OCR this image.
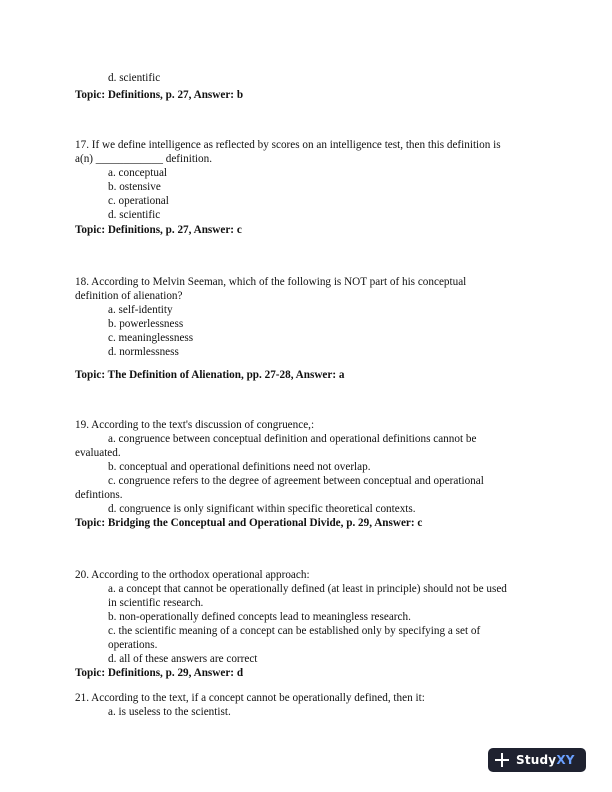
d. scientific
Topic: Definitions, p. 27, Answer: b
17. If we define intelligence as reflected by scores on an intelligence test, then this definition is
a(n) ____________ definition.
a. conceptual
b. ostensive
c. operational
d. scientific
Topic: Definitions, p. 27, Answer: c
18. According to Melvin Seeman, which of the following is NOT part of his conceptual
definition of alienation?
a. self-identity
b. powerlessness
c. meaninglessness
d. normlessness
Topic: The Definition of Alienation, pp. 27-28, Answer: a
19. According to the text's discussion of congruence,:
a. congruence between conceptual definition and operational definitions cannot be
evaluated.
b. conceptual and operational definitions need not overlap.
c. congruence refers to the degree of agreement between conceptual and operational
defintions.
d. congruence is only significant within specific theoretical contexts.
Topic: Bridging the Conceptual and Operational Divide, p. 29, Answer: c
20. According to the orthodox operational approach:
a. a concept that cannot be operationally defined (at least in principle) should not be used
in scientific research.
b. non-operationally defined concepts lead to meaningless research.
c. the scientific meaning of a concept can be established only by specifying a set of
operations.
d. all of these answers are correct
Topic: Definitions, p. 29, Answer: d
21. According to the text, if a concept cannot be operationally defined, then it:
a. is useless to the scientist.
StudyXY
